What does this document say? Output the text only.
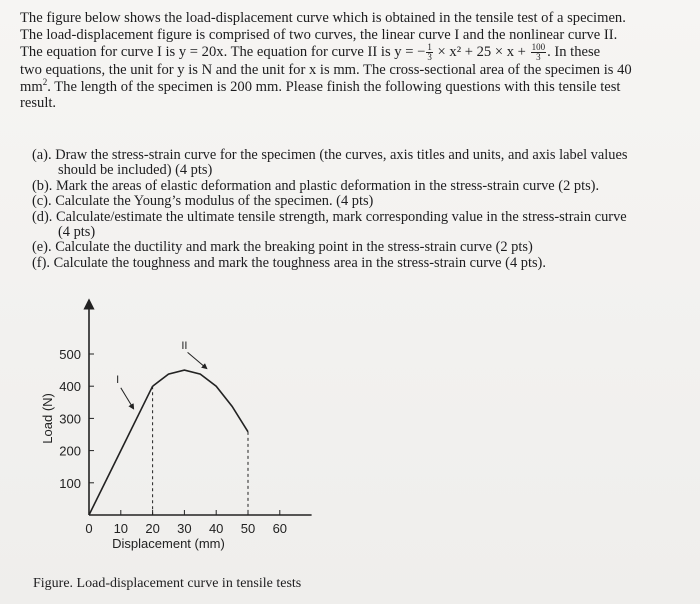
The figure below shows the load-displacement curve which is obtained in the tensile test of a specimen.

The load-displacement figure is comprised of two curves, the linear curve I and the nonlinear curve II.

The equation for curve I is y = 20x. The equation for curve II is y = − $\frac{1}{3} \times x^2 + 25 \times x + \frac{100}{3}$ . In these

two equations, the unit for y is N and the unit for x is mm. The cross-sectional area of the specimen is 40

$mm^2$. The length of the specimen is 200 mm. Please finish the following questions with this tensile test

result.

(a). Draw the stress-strain curve for the specimen (the curves, axis titles and units, and axis label values
should be included) (4 pts)

(b). Mark the areas of elastic deformation and plastic deformation in the stress-strain curve (2 pts).

(c). Calculate the Young’s modulus of the specimen. (4 pts)

(d). Calculate/estimate the ultimate tensile strength, mark corresponding value in the stress-strain curve
(4 pts)

(e). Calculate the ductility and mark the breaking point in the stress-strain curve (2 pts)

(f). Calculate the toughness and mark the toughness area in the stress-strain curve (4 pts).

100
200
300
400
500
0 10 20 30 40 50 60
Displacement (mm)
Load (N)
I
II
Figure. Load-displacement curve in tensile tests
